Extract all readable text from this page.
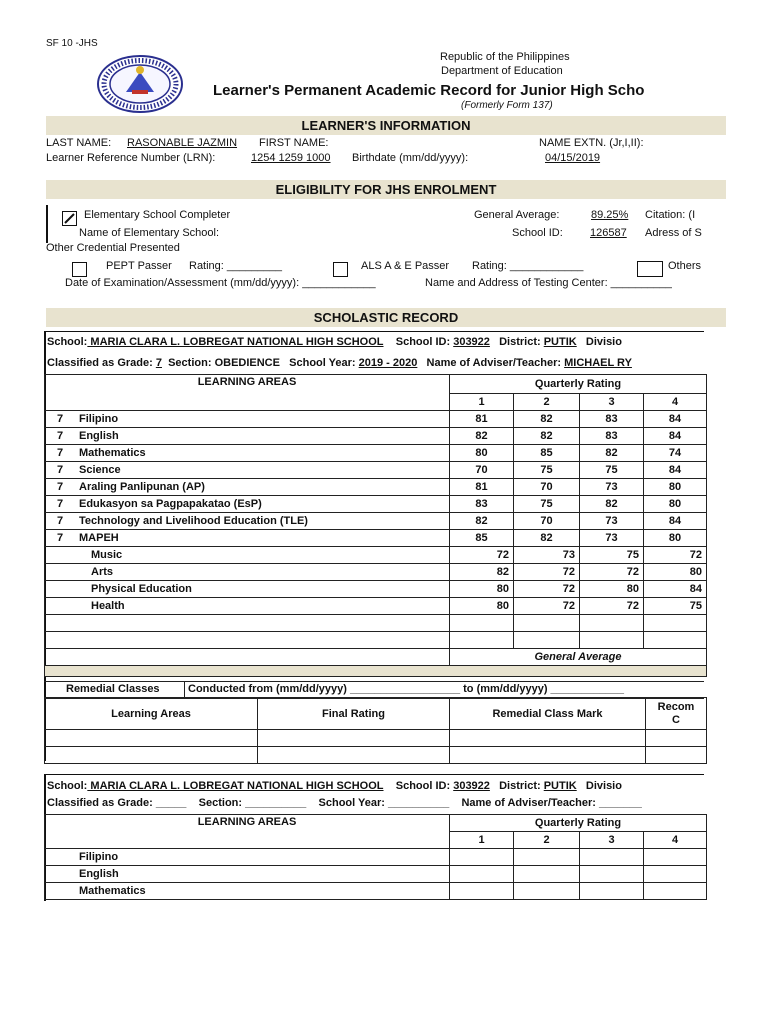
SF 10 -JHS
Republic of the Philippines
Department of Education
Learner's Permanent Academic Record for Junior High Scho
(Formerly Form 137)
LEARNER'S INFORMATION
LAST NAME: RASONABLE JAZMIN FIRST NAME:	NAME EXTN. (Jr,I,II):
Learner Reference Number (LRN):	1254 1259 1000 Birthdate (mm/dd/yyyy):	04/15/2019
ELIGIBILITY FOR JHS ENROLMENT
Elementary School Completer	General Average:	89.25% Citation: (I
Name of Elementary School:	School ID: 126587 Adress of S
Other Credential Presented
PEPT Passer Rating: _________	ALS A & E Passer Rating: ____________	Others
Date of Examination/Assessment (mm/dd/yyyy): ____________	Name and Address of Testing Center: __________
SCHOLASTIC RECORD
School: MARIA CLARA L. LOBREGAT NATIONAL HIGH SCHOOL School ID: 303922 District: PUTIK Divisio
Classified as Grade: 7 Section: OBEDIENCE School Year: 2019 - 2020 Name of Adviser/Teacher: MICHAEL RY
LEARNING AREAS	Quarterly Rating			
	1	2	3	4
7 Filipino	81	82	83	84
7 English	82	82	83	84
7 Mathematics	80	85	82	74
7 Science	70	75	75	84
7 Araling Panlipunan (AP)	81	70	73	80
7 Edukasyon sa Pagpapakatao (EsP)	83	75	82	80
7 Technology and Livelihood Education (TLE)	82	70	73	84
7 MAPEH	85	82	73	80
Music	72	73	75	72
Arts	82	72	72	80
Physical Education	80	72	80	84
Health	80	72	72	75

	General Average			

Remedial Classes	Conducted from (mm/dd/yyyy) __________________ to (mm/dd/yyyy) ____________
Learning Areas	Final Rating	Remedial Class Mark	Recom
C

School: MARIA CLARA L. LOBREGAT NATIONAL HIGH SCHOOL School ID: 303922 District: PUTIK Divisio
Classified as Grade: _____ Section: __________ School Year: __________ Name of Adviser/Teacher: _______
LEARNING AREAS	Quarterly Rating			
	1	2	3	4
Filipino				
English				
Mathematics				
